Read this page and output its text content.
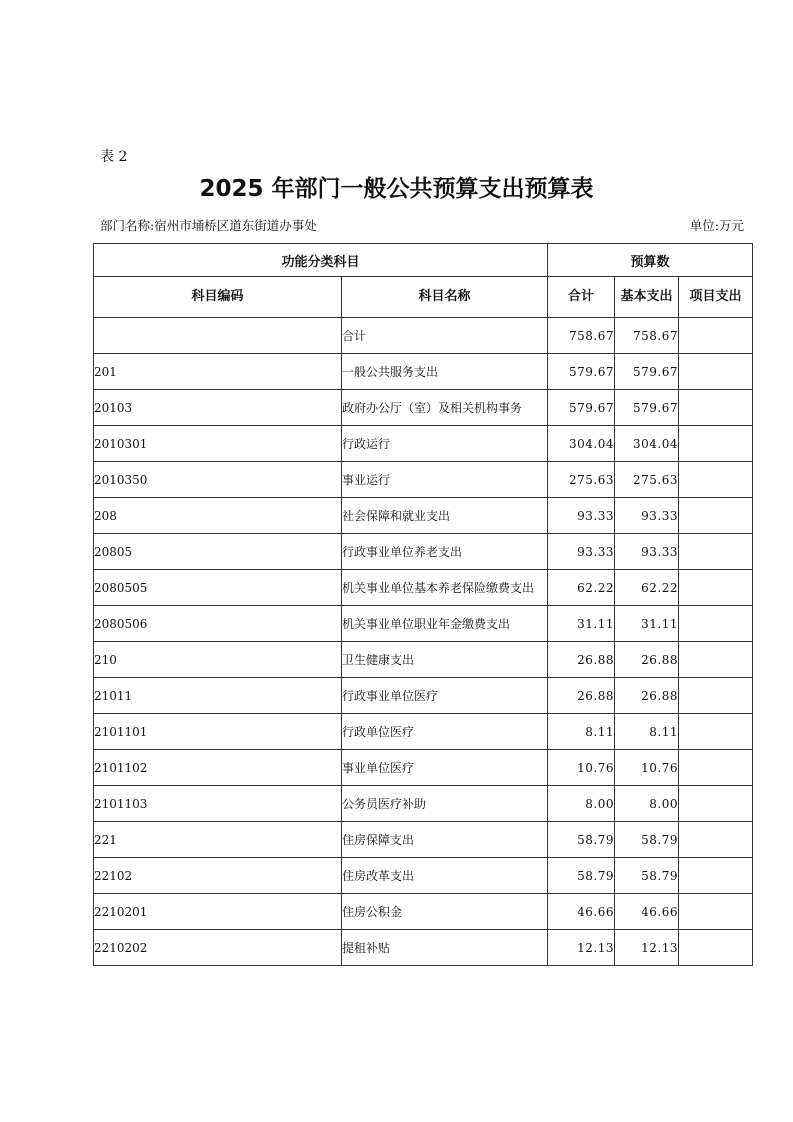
表 2
2025 年部门一般公共预算支出预算表
部门名称:宿州市埇桥区道东街道办事处	单位:万元
功能分类科目		预算数		
科目编码	科目名称	合计	基本支出	项目支出
	合计	758.67	758.67	
201	一般公共服务支出	579.67	579.67	
20103	政府办公厅（室）及相关机构事务	579.67	579.67	
2010301	行政运行	304.04	304.04	
2010350	事业运行	275.63	275.63	
208	社会保障和就业支出	93.33	93.33	
20805	行政事业单位养老支出	93.33	93.33	
2080505	机关事业单位基本养老保险缴费支出	62.22	62.22	
2080506	机关事业单位职业年金缴费支出	31.11	31.11	
210	卫生健康支出	26.88	26.88	
21011	行政事业单位医疗	26.88	26.88	
2101101	行政单位医疗	8.11	8.11	
2101102	事业单位医疗	10.76	10.76	
2101103	公务员医疗补助	8.00	8.00	
221	住房保障支出	58.79	58.79	
22102	住房改革支出	58.79	58.79	
2210201	住房公积金	46.66	46.66	
2210202	提租补贴	12.13	12.13	
